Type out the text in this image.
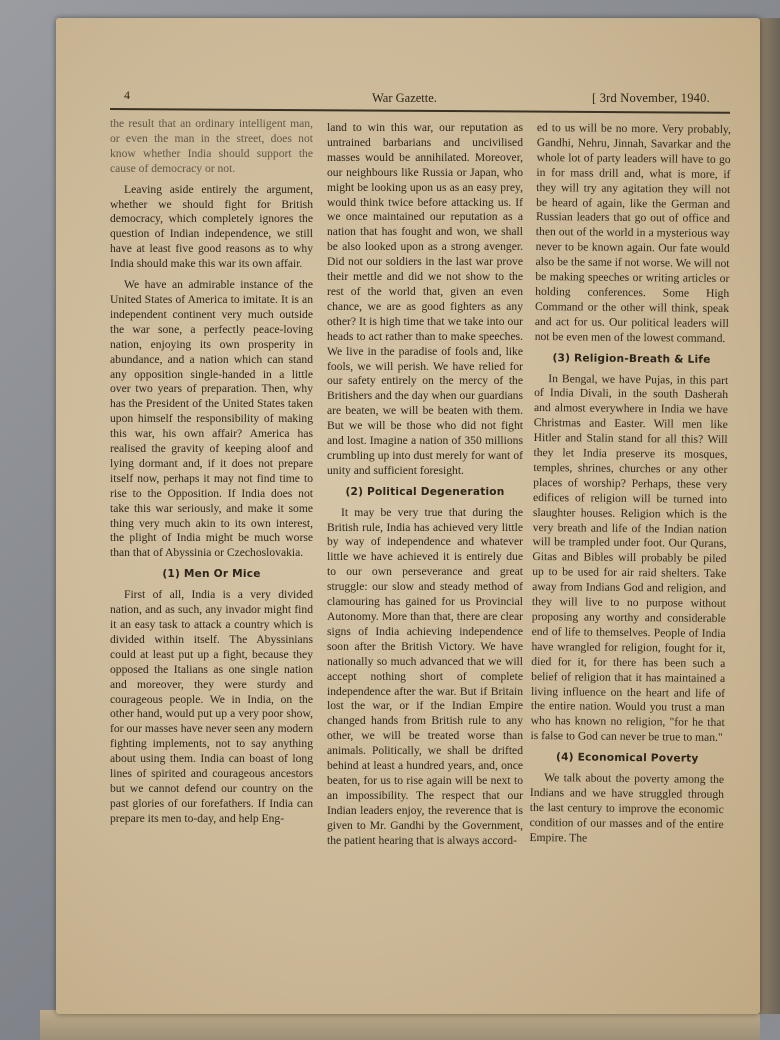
4	War Gazette.	[ 3rd November, 1940.

the result that an ordinary intelligent man, or even the man in the street, does not know whether India should support the cause of democracy or not.

Leaving aside entirely the argument, whether we should fight for British democracy, which completely ignores the question of Indian independence, we still have at least five good reasons as to why India should make this war its own affair.

We have an admirable instance of the United States of America to imitate. It is an independent continent very much outside the war sone, a perfectly peace-loving nation, enjoying its own prosperity in abundance, and a nation which can stand any opposition single-handed in a little over two years of preparation. Then, why has the President of the United States taken upon himself the responsibility of making this war, his own affair? America has realised the gravity of keeping aloof and lying dormant and, if it does not prepare itself now, perhaps it may not find time to rise to the Opposition. If India does not take this war seriously, and make it some thing very much akin to its own interest, the plight of India might be much worse than that of Abyssinia or Czechoslovakia.

(1) Men Or Mice

First of all, India is a very divided nation, and as such, any invador might find it an easy task to attack a country which is divided within itself. The Abyssinians could at least put up a fight, because they opposed the Italians as one single nation and moreover, they were sturdy and courageous people. We in India, on the other hand, would put up a very poor show, for our masses have never seen any modern fighting implements, not to say anything about using them. India can boast of long lines of spirited and courageous ancestors but we cannot defend our country on the past glories of our forefathers. If India can prepare its men to-day, and help Eng-

land to win this war, our reputation as untrained barbarians and uncivilised masses would be annihilated. Moreover, our neighbours like Russia or Japan, who might be looking upon us as an easy prey, would think twice before attacking us. If we once maintained our reputation as a nation that has fought and won, we shall be also looked upon as a strong avenger. Did not our soldiers in the last war prove their mettle and did we not show to the rest of the world that, given an even chance, we are as good fighters as any other? It is high time that we take into our heads to act rather than to make speeches. We live in the paradise of fools and, like fools, we will perish. We have relied for our safety entirely on the mercy of the Britishers and the day when our guardians are beaten, we will be beaten with them. But we will be those who did not fight and lost. Imagine a nation of 350 millions crumbling up into dust merely for want of unity and sufficient foresight.

(2) Political Degeneration

It may be very true that during the British rule, India has achieved very little by way of independence and whatever little we have achieved it is entirely due to our own perseverance and great struggle: our slow and steady method of clamouring has gained for us Provincial Autonomy. More than that, there are clear signs of India achieving independence soon after the British Victory. We have nationally so much advanced that we will accept nothing short of complete independence after the war. But if Britain lost the war, or if the Indian Empire changed hands from British rule to any other, we will be treated worse than animals. Politically, we shall be drifted behind at least a hundred years, and, once beaten, for us to rise again will be next to an impossibility. The respect that our Indian leaders enjoy, the reverence that is given to Mr. Gandhi by the Government, the patient hearing that is always accord-

ed to us will be no more. Very probably, Gandhi, Nehru, Jinnah, Savarkar and the whole lot of party leaders will have to go in for mass drill and, what is more, if they will try any agitation they will not be heard of again, like the German and Russian leaders that go out of office and then out of the world in a mysterious way never to be known again. Our fate would also be the same if not worse. We will not be making speeches or writing articles or holding conferences. Some High Command or the other will think, speak and act for us. Our political leaders will not be even men of the lowest command.

(3) Religion-Breath & Life

In Bengal, we have Pujas, in this part of India Divali, in the south Dasherah and almost everywhere in India we have Christmas and Easter. Will men like Hitler and Stalin stand for all this? Will they let India preserve its mosques, temples, shrines, churches or any other places of worship? Perhaps, these very edifices of religion will be turned into slaughter houses. Religion which is the very breath and life of the Indian nation will be trampled under foot. Our Qurans, Gitas and Bibles will probably be piled up to be used for air raid shelters. Take away from Indians God and religion, and they will live to no purpose without proposing any worthy and considerable end of life to themselves. People of India have wrangled for religion, fought for it, died for it, for there has been such a belief of religion that it has maintained a living influence on the heart and life of the entire nation. Would you trust a man who has known no religion, "for he that is false to God can never be true to man."

(4) Economical Poverty

We talk about the poverty among the Indians and we have struggled through the last century to improve the economic condition of our masses and of the entire Empire. The
